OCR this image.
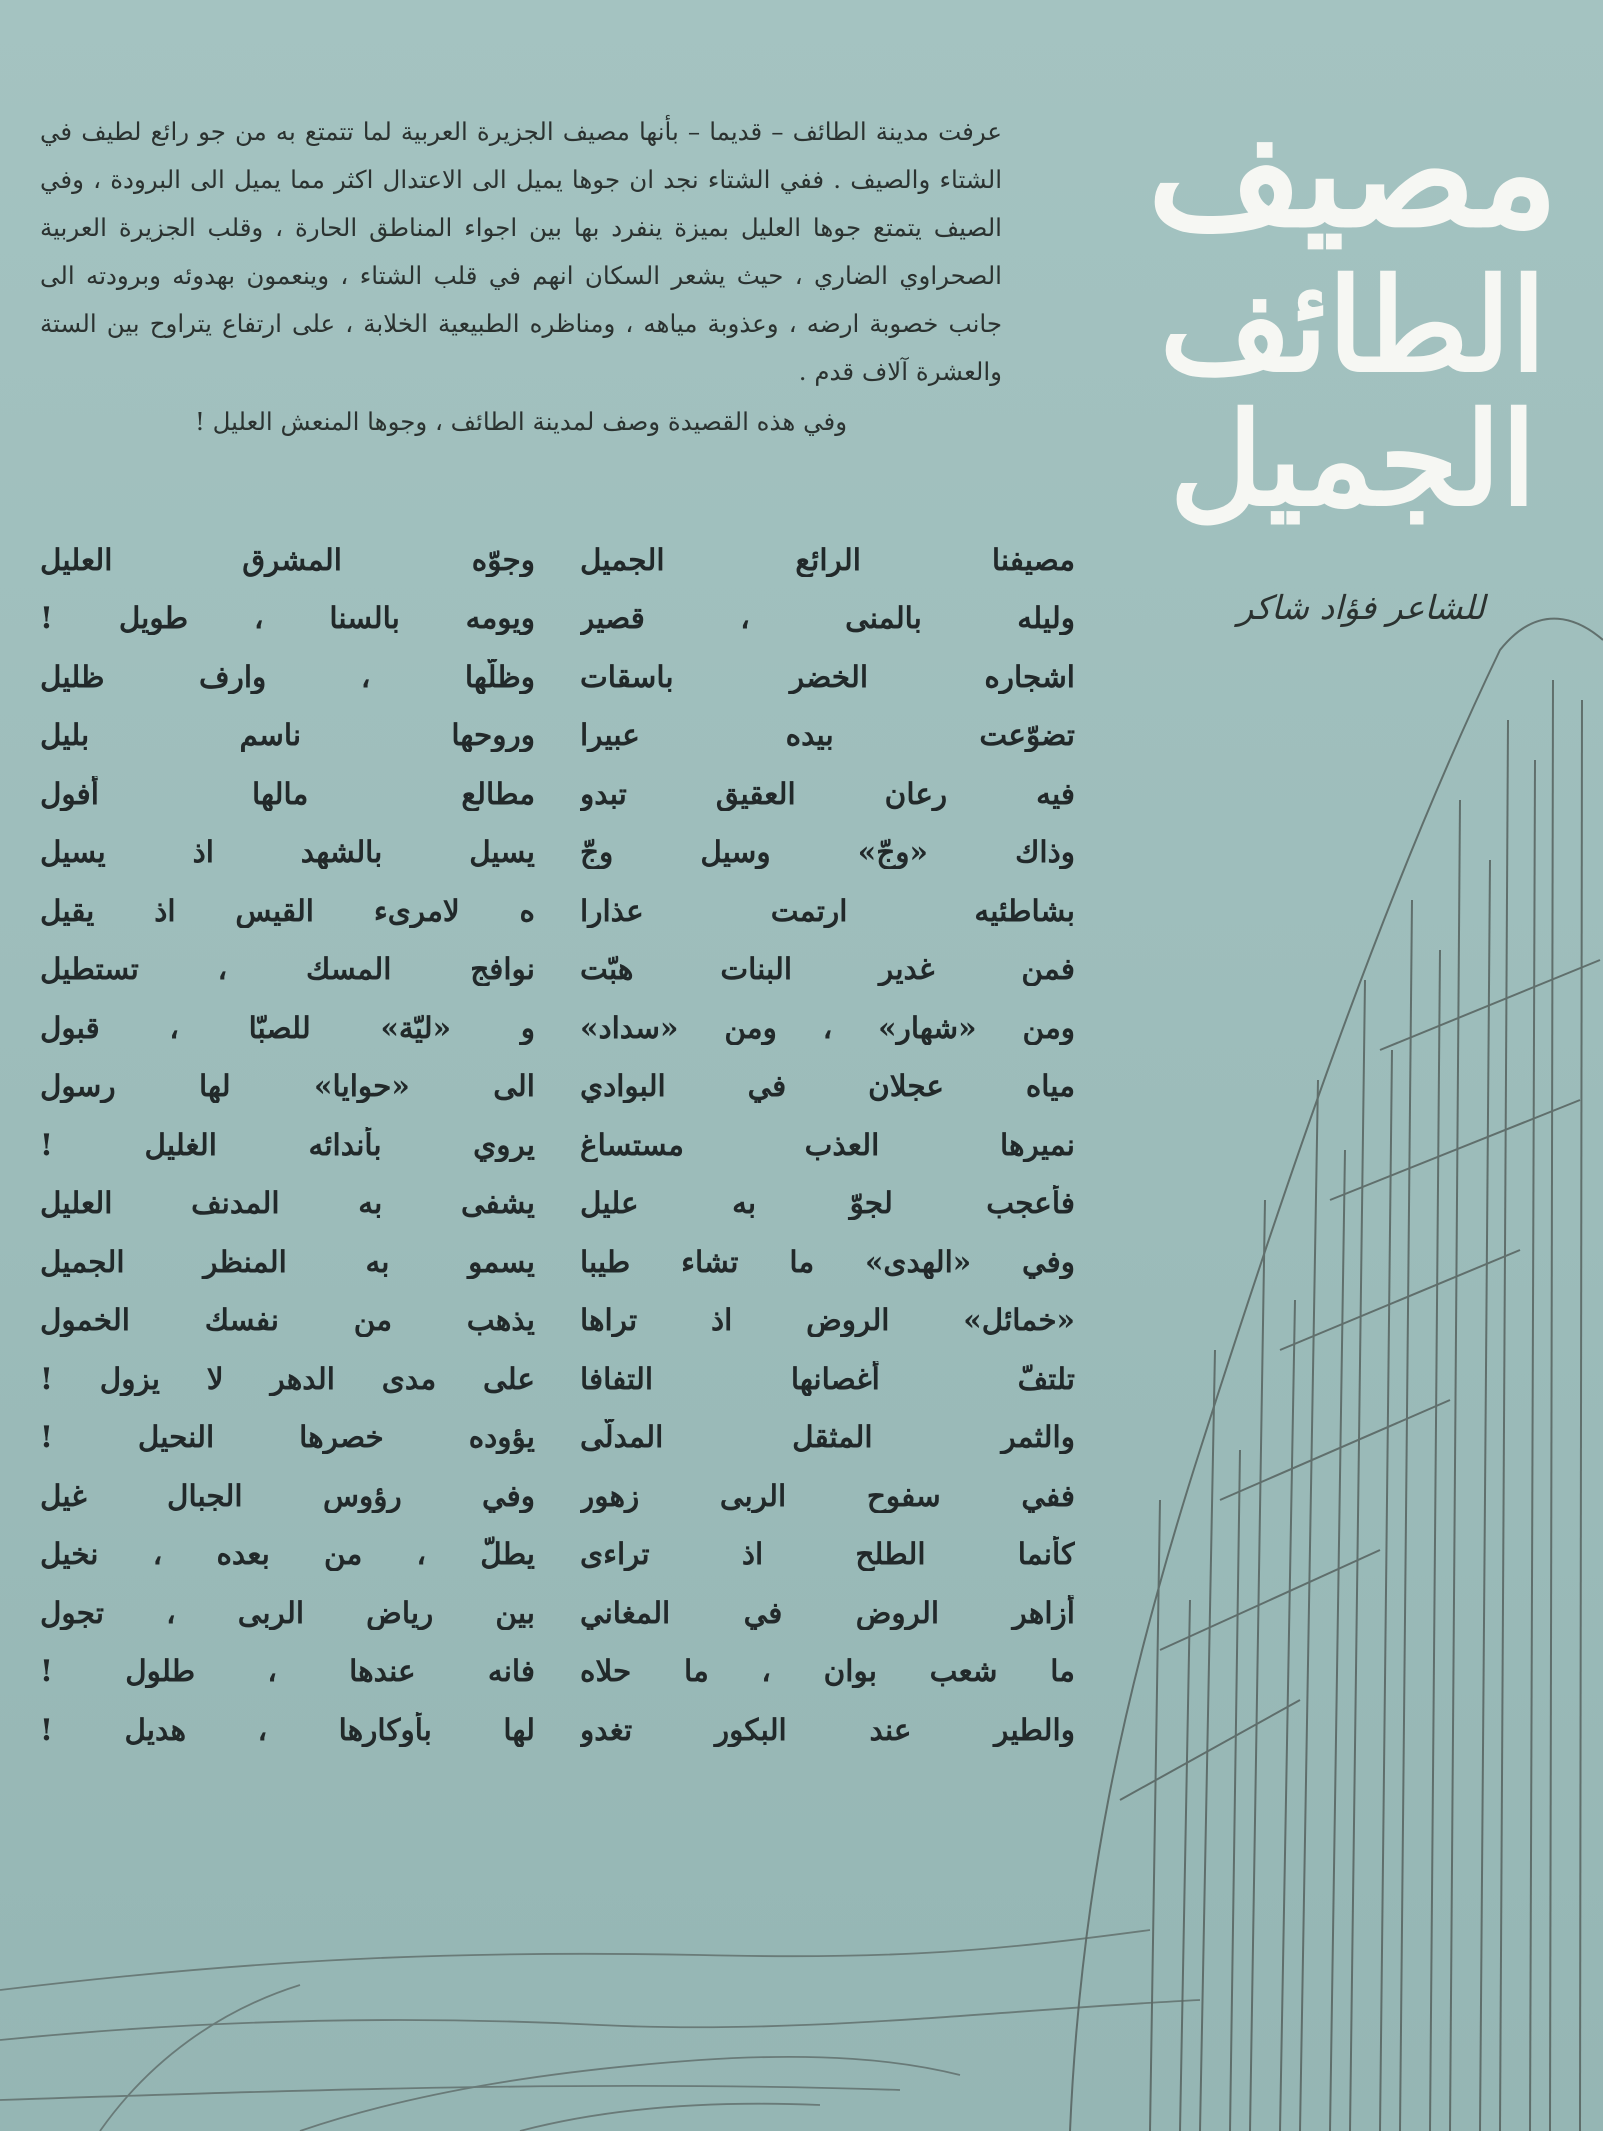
مصيف
الطائف الجميل
للشاعر فؤاد شاكر

عرفت مدينة الطائف – قديما – بأنها مصيف الجزيرة العربية لما تتمتع به من جو رائع لطيف في الشتاء والصيف . ففي الشتاء نجد ان جوها يميل الى الاعتدال اكثر مما يميل الى البرودة ، وفي الصيف يتمتع جوها العليل بميزة ينفرد بها بين اجواء المناطق الحارة ، وقلب الجزيرة العربية الصحراوي الضاري ، حيث يشعر السكان انهم في قلب الشتاء ، وينعمون بهدوئه وبرودته الى جانب خصوبة ارضه ، وعذوبة مياهه ، ومناظره الطبيعية الخلابة ، على ارتفاع يتراوح بين الستة والعشرة آلاف قدم .

وفي هذه القصيدة وصف لمدينة الطائف ، وجوها المنعش العليل !

مصيفنا الرائع الجميل
وجوّه المشرق العليل
وليله بالمنى ، قصير
ويومه بالسنا ، طويل !
اشجاره الخضر باسقات
وظلّها ، وارف ظليل
تضوّعت بيده عبيرا
وروحها ناسم بليل
فيه رعان العقيق تبدو
مطالع مالها أفول
وذاك «وجّ» وسيل وجّ
يسيل بالشهد اذ يسيل
بشاطئيه ارتمت عذارا
ه لامرىء القيس اذ يقيل
فمن غدير البنات هبّت
نوافج المسك ، تستطيل
ومن «شهار» ، ومن «سداد»
و «ليّة» للصبّا ، قبول
مياه عجلان في البوادي
الى «حوايا» لها رسول
نميرها العذب مستساغ
يروي بأندائه الغليل !
فأعجب لجوّ به عليل
يشفى به المدنف العليل
وفي «الهدى» ما تشاء طيبا
يسمو به المنظر الجميل
«خمائل» الروض اذ تراها
يذهب من نفسك الخمول
تلتفّ أغصانها التفافا
على مدى الدهر لا يزول !
والثمر المثقل المدلّى
يؤوده خصرها النحيل !
ففي سفوح الربى زهور
وفي رؤوس الجبال غيل
كأنما الطلح اذ تراءى
يطلّ ، من بعده ، نخيل
أزاهر الروض في المغاني
بين رياض الربى ، تجول
ما شعب بوان ، ما حلاه
فانه عندها ، طلول !
والطير عند البكور تغدو
لها بأوكارها ، هديل !
